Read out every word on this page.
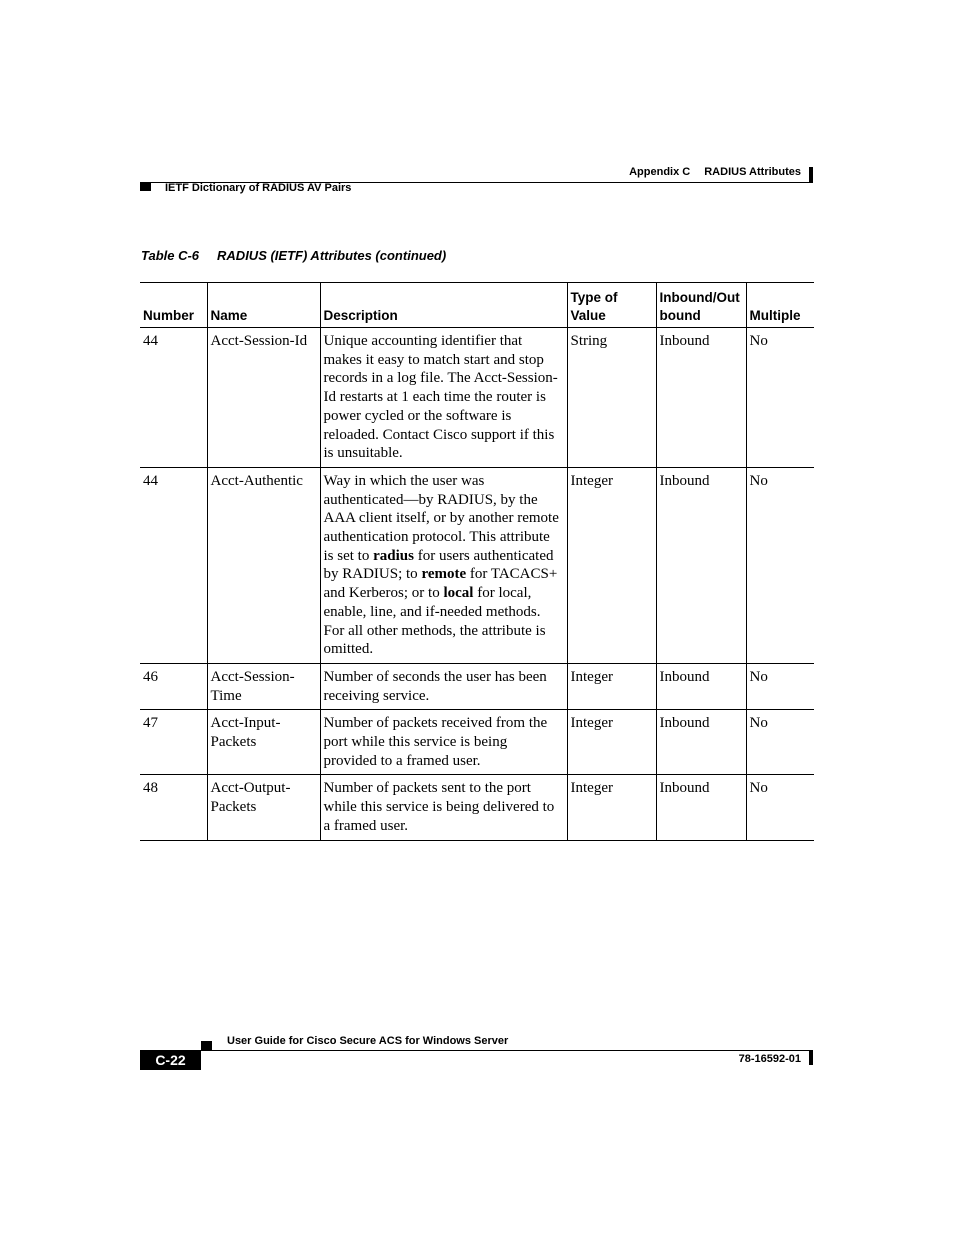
Appendix C RADIUS Attributes
IETF Dictionary of RADIUS AV Pairs
Table C-6 RADIUS (IETF) Attributes (continued)
Number	Name	Description	Type of Value	Inbound/Out bound	Multiple
44	Acct-Session-Id	Unique accounting identifier that makes it easy to match start and stop records in a log file. The Acct-Session-Id restarts at 1 each time the router is power cycled or the software is reloaded. Contact Cisco support if this is unsuitable.	String	Inbound	No
44	Acct-Authentic	Way in which the user was authenticated—by RADIUS, by the AAA client itself, or by another remote authentication protocol. This attribute is set to radius for users authenticated by RADIUS; to remote for TACACS+ and Kerberos; or to local for local, enable, line, and if-needed methods. For all other methods, the attribute is omitted.	Integer	Inbound	No
46	Acct-Session-Time	Number of seconds the user has been receiving service.	Integer	Inbound	No
47	Acct-Input-Packets	Number of packets received from the port while this service is being provided to a framed user.	Integer	Inbound	No
48	Acct-Output-Packets	Number of packets sent to the port while this service is being delivered to a framed user.	Integer	Inbound	No
User Guide for Cisco Secure ACS for Windows Server
C-22	78-16592-01
